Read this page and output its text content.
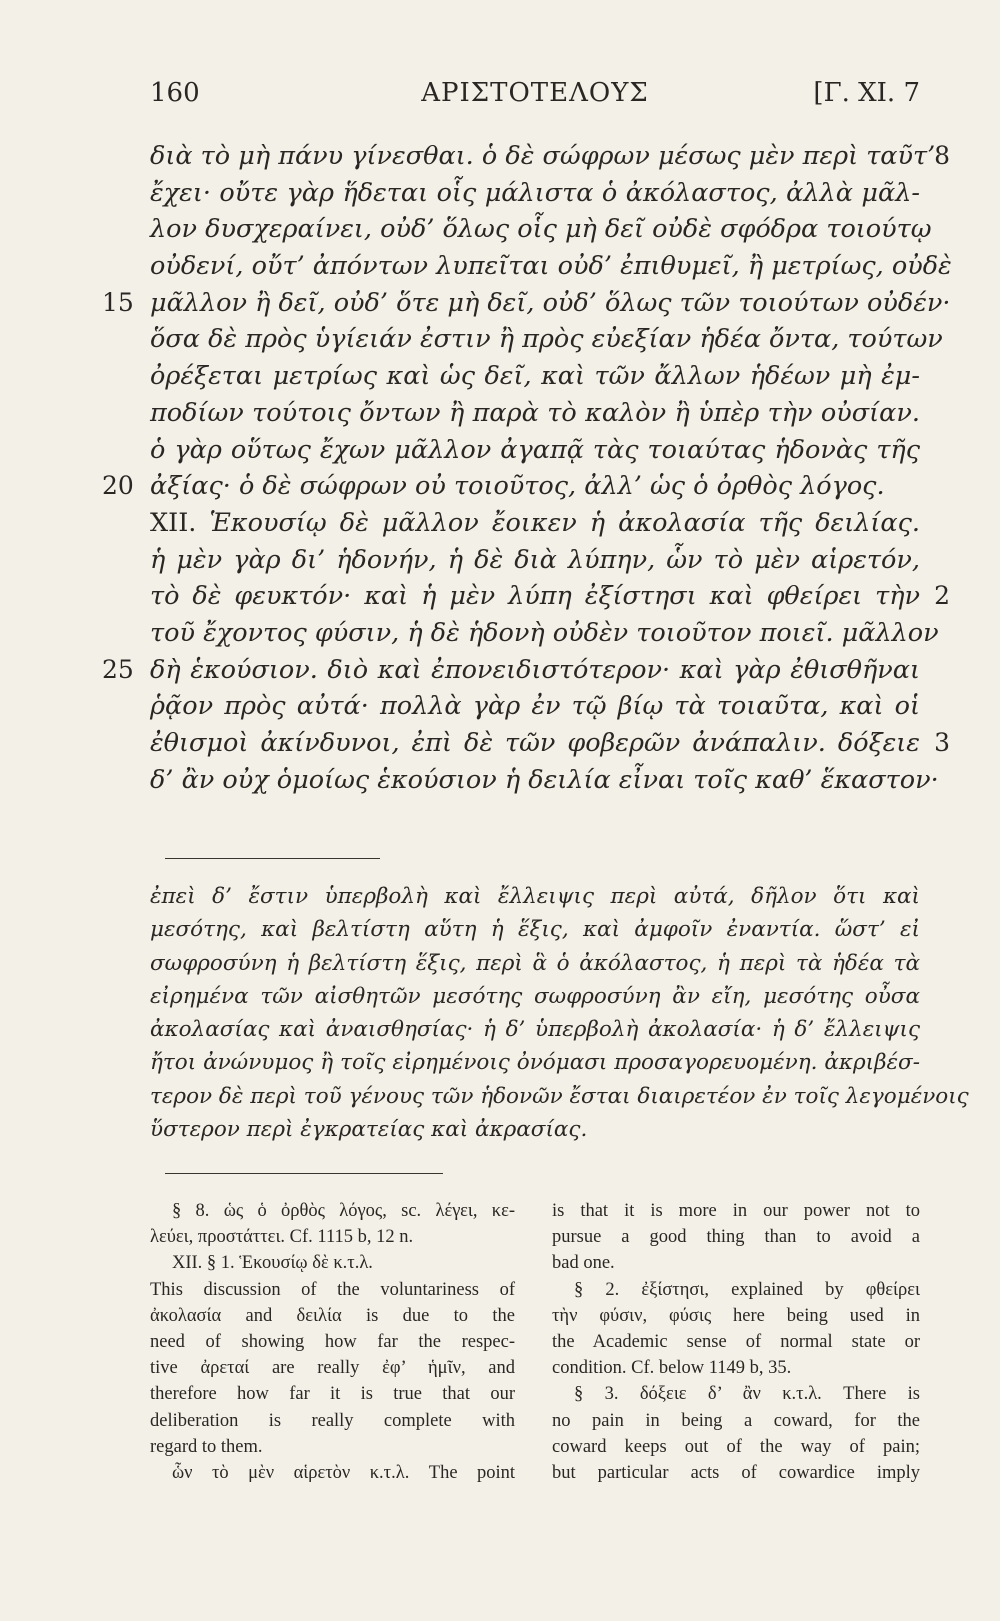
ΑΡΙΣΤΟΤΕΛΟΥΣ
160	[Γ. XI. 7
διὰ τὸ μὴ πάνυ γίνεσθαι. ὁ δὲ σώφρων μέσως μὲν περὶ ταῦτ’
8
ἔχει· οὔτε γὰρ ἥδεται οἷς μάλιστα ὁ ἀκόλαστος, ἀλλὰ μᾶλ-
λον δυσχεραίνει, οὐδ’ ὅλως οἷς μὴ δεῖ οὐδὲ σφόδρα τοιούτῳ
οὐδενί, οὔτ’ ἀπόντων λυπεῖται οὐδ’ ἐπιθυμεῖ, ἢ μετρίως, οὐδὲ
15 μᾶλλον ἢ δεῖ, οὐδ’ ὅτε μὴ δεῖ, οὐδ’ ὅλως τῶν τοιούτων οὐδέν·
ὅσα δὲ πρὸς ὑγίειάν ἐστιν ἢ πρὸς εὐεξίαν ἡδέα ὄντα, τούτων
ὀρέξεται μετρίως καὶ ὡς δεῖ, καὶ τῶν ἄλλων ἡδέων μὴ ἐμ-
ποδίων τούτοις ὄντων ἢ παρὰ τὸ καλὸν ἢ ὑπὲρ τὴν οὐσίαν.
ὁ γὰρ οὕτως ἔχων μᾶλλον ἀγαπᾷ τὰς τοιαύτας ἡδονὰς τῆς
20 ἀξίας· ὁ δὲ σώφρων οὐ τοιοῦτος, ἀλλ’ ὡς ὁ ὀρθὸς λόγος.
XII. Ἑκουσίῳ δὲ μᾶλλον ἔοικεν ἡ ἀκολασία τῆς δειλίας.
ἡ μὲν γὰρ δι’ ἡδονήν, ἡ δὲ διὰ λύπην, ὧν τὸ μὲν αἱρετόν,
τὸ δὲ φευκτόν· καὶ ἡ μὲν λύπη ἐξίστησι καὶ φθείρει τὴν 2
τοῦ ἔχοντος φύσιν, ἡ δὲ ἡδονὴ οὐδὲν τοιοῦτον ποιεῖ. μᾶλλον
25 δὴ ἑκούσιον. διὸ καὶ ἐπονειδιστότερον· καὶ γὰρ ἐθισθῆναι
ῥᾷον πρὸς αὐτά· πολλὰ γὰρ ἐν τῷ βίῳ τὰ τοιαῦτα, καὶ οἱ
ἐθισμοὶ ἀκίνδυνοι, ἐπὶ δὲ τῶν φοβερῶν ἀνάπαλιν. δόξειε 3
δ’ ἂν οὐχ ὁμοίως ἑκούσιον ἡ δειλία εἶναι τοῖς καθ’ ἕκαστον·
ἐπεὶ δ’ ἔστιν ὑπερβολὴ καὶ ἔλλειψις περὶ αὐτά, δῆλον ὅτι καὶ
μεσότης, καὶ βελτίστη αὕτη ἡ ἕξις, καὶ ἀμφοῖν ἐναντία. ὥστ’ εἰ
σωφροσύνη ἡ βελτίστη ἕξις, περὶ ἃ ὁ ἀκόλαστος, ἡ περὶ τὰ ἡδέα τὰ
εἰρημένα τῶν αἰσθητῶν μεσότης σωφροσύνη ἂν εἴη, μεσότης οὖσα
ἀκολασίας καὶ ἀναισθησίας· ἡ δ’ ὑπερβολὴ ἀκολασία· ἡ δ’ ἔλλειψις
ἤτοι ἀνώνυμος ἢ τοῖς εἰρημένοις ὀνόμασι προσαγορευομένη. ἀκριβέσ-
τερον δὲ περὶ τοῦ γένους τῶν ἡδονῶν ἔσται διαιρετέον ἐν τοῖς λεγομένοις
ὕστερον περὶ ἐγκρατείας καὶ ἀκρασίας.
§ 8. ὡς ὁ ὀρθὸς λόγος, sc. λέγει, κε-
λεύει, προστάττει. Cf. 1115 b, 12 n.
XII. § 1. Ἑκουσίῳ δὲ κ.τ.λ.
This discussion of the voluntariness of
ἀκολασία and δειλία is due to the
need of showing how far the respec-
tive ἀρεταί are really ἐφ’ ἡμῖν, and
therefore how far it is true that our
deliberation is really complete with
regard to them.
ὧν τὸ μὲν αἱρετὸν κ.τ.λ. The point
is that it is more in our power not to
pursue a good thing than to avoid a
bad one.
§ 2. ἐξίστησι, explained by φθείρει
τὴν φύσιν, φύσις here being used in
the Academic sense of normal state or
condition. Cf. below 1149 b, 35.
§ 3. δόξειε δ’ ἂν κ.τ.λ. There is
no pain in being a coward, for the
coward keeps out of the way of pain;
but particular acts of cowardice imply
